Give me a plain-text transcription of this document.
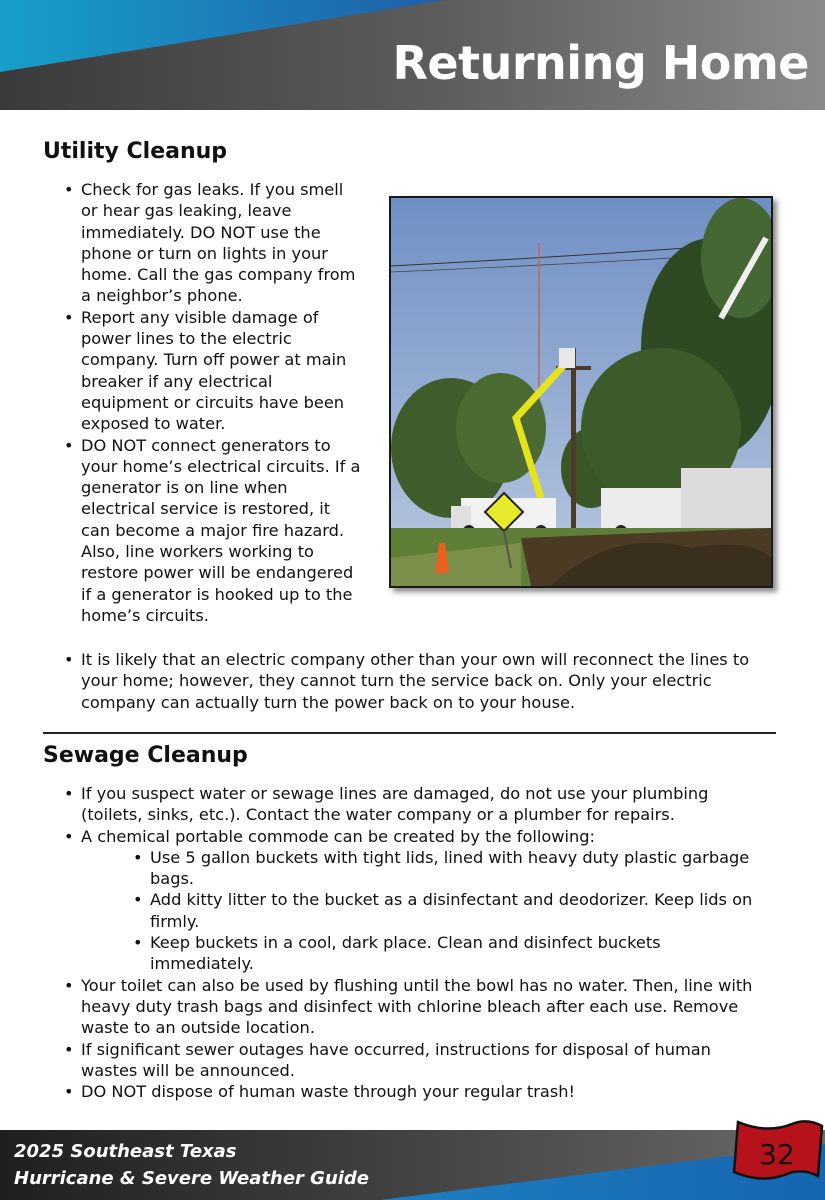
Returning Home
Utility Cleanup
• Check for gas leaks. If you smell or hear gas leaking, leave immediately. DO NOT use the phone or turn on lights in your home. Call the gas company from a neighbor’s phone.
• Report any visible damage of power lines to the electric company. Turn off power at main breaker if any electrical equipment or circuits have been exposed to water.
• DO NOT connect generators to your home’s electrical circuits. If a generator is on line when electrical service is restored, it can become a major fire hazard. Also, line workers working to restore power will be endangered if a generator is hooked up to the home’s circuits.
• It is likely that an electric company other than your own will reconnect the lines to your home; however, they cannot turn the service back on. Only your electric company can actually turn the power back on to your house.
Sewage Cleanup
• If you suspect water or sewage lines are damaged, do not use your plumbing (toilets, sinks, etc.). Contact the water company or a plumber for repairs.
• A chemical portable commode can be created by the following:
• Use 5 gallon buckets with tight lids, lined with heavy duty plastic garbage bags.
• Add kitty litter to the bucket as a disinfectant and deodorizer. Keep lids on firmly.
• Keep buckets in a cool, dark place. Clean and disinfect buckets immediately.
• Your toilet can also be used by flushing until the bowl has no water. Then, line with heavy duty trash bags and disinfect with chlorine bleach after each use. Remove waste to an outside location.
• If significant sewer outages have occurred, instructions for disposal of human wastes will be announced.
• DO NOT dispose of human waste through your regular trash!

2025 Southeast Texas

Hurricane & Severe Weather Guide

32
